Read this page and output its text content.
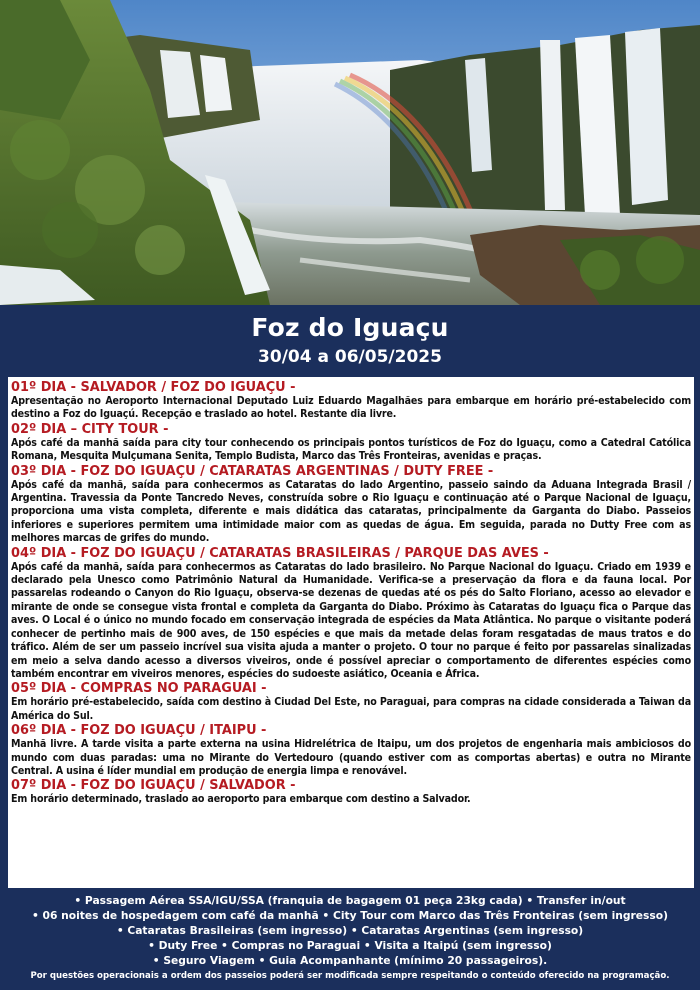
Foz do Iguaçu
30/04 a 06/05/2025
01º DIA - SALVADOR / FOZ DO IGUAÇU -
Apresentação no Aeroporto Internacional Deputado Luiz Eduardo Magalhães para embarque em horário pré-estabelecido com destino a Foz do Iguaçú. Recepção e traslado ao hotel. Restante dia livre.
02º DIA – CITY TOUR -
Após café da manhã saída para city tour conhecendo os principais pontos turísticos de Foz do Iguaçu, como a Catedral Católica Romana, Mesquita Mulçumana Senita, Templo Budista, Marco das Três Fronteiras, avenidas e praças.
03º DIA - FOZ DO IGUAÇU / CATARATAS ARGENTINAS / DUTY FREE -
Após café da manhã, saída para conhecermos as Cataratas do lado Argentino, passeio saindo da Aduana Integrada Brasil / Argentina. Travessia da Ponte Tancredo Neves, construída sobre o Rio Iguaçu e continuação até o Parque Nacional de Iguaçu, proporciona uma vista completa, diferente e mais didática das cataratas, principalmente da Garganta do Diabo. Passeios inferiores e superiores permitem uma intimidade maior com as quedas de água. Em seguida, parada no Dutty Free com as melhores marcas de grifes do mundo.
04º DIA - FOZ DO IGUAÇU / CATARATAS BRASILEIRAS / PARQUE DAS AVES -
Após café da manhã, saída para conhecermos as Cataratas do lado brasileiro. No Parque Nacional do Iguaçu. Criado em 1939 e declarado pela Unesco como Patrimônio Natural da Humanidade. Verifica-se a preservação da flora e da fauna local. Por passarelas rodeando o Canyon do Rio Iguaçu, observa-se dezenas de quedas até os pés do Salto Floriano, acesso ao elevador e mirante de onde se consegue vista frontal e completa da Garganta do Diabo. Próximo às Cataratas do Iguaçu fica o Parque das aves. O Local é o único no mundo focado em conservação integrada de espécies da Mata Atlântica. No parque o visitante poderá conhecer de pertinho mais de 900 aves, de 150 espécies e que mais da metade delas foram resgatadas de maus tratos e do tráfico. Além de ser um passeio incrível sua visita ajuda a manter o projeto. O tour no parque é feito por passarelas sinalizadas em meio a selva dando acesso a diversos viveiros, onde é possível apreciar o comportamento de diferentes espécies como também encontrar em viveiros menores, espécies do sudoeste asiático, Oceania e África.
05º DIA - COMPRAS NO PARAGUAI -
Em horário pré-estabelecido, saída com destino à Ciudad Del Este, no Paraguai, para compras na cidade considerada a Taiwan da América do Sul.
06º DIA - FOZ DO IGUAÇU / ITAIPU -
Manhã livre. A tarde visita a parte externa na usina Hidrelétrica de Itaipu, um dos projetos de engenharia mais ambiciosos do mundo com duas paradas: uma no Mirante do Vertedouro (quando estiver com as comportas abertas) e outra no Mirante Central. A usina é líder mundial em produção de energia limpa e renovável.
07º DIA - FOZ DO IGUAÇU / SALVADOR -
Em horário determinado, traslado ao aeroporto para embarque com destino a Salvador.
• Passagem Aérea SSA/IGU/SSA (franquia de bagagem 01 peça 23kg cada) • Transfer in/out
• 06 noites de hospedagem com café da manhã • City Tour com Marco das Três Fronteiras (sem ingresso)
• Cataratas Brasileiras (sem ingresso) • Cataratas Argentinas (sem ingresso)
• Duty Free • Compras no Paraguai • Visita a Itaipú (sem ingresso)
• Seguro Viagem • Guia Acompanhante (mínimo 20 passageiros).
Por questões operacionais a ordem dos passeios poderá ser modificada sempre respeitando o conteúdo oferecido na programação.
